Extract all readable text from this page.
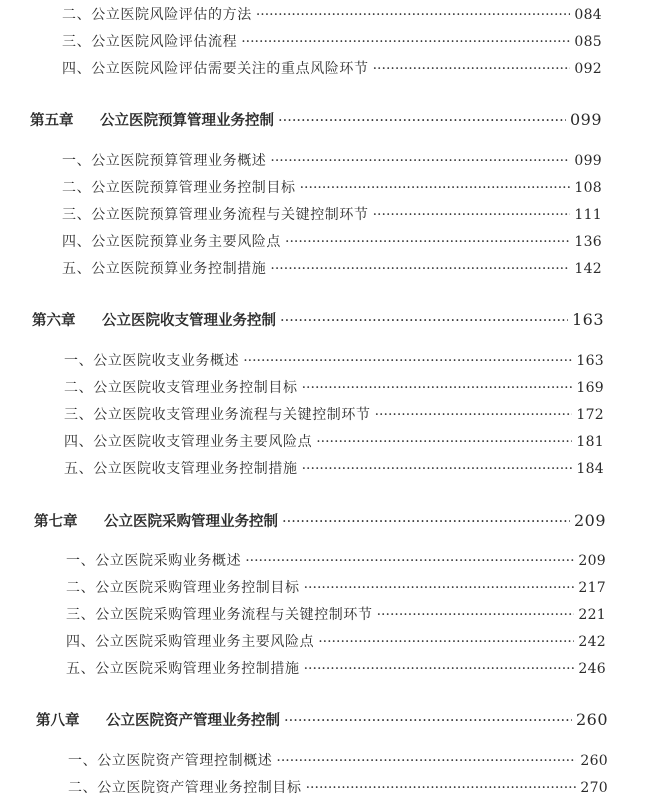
二、公立医院风险评估的方法 ·····	084
三、公立医院风险评估流程 ·····	085
四、公立医院风险评估需要关注的重点风险环节 ·····	092
第五章 公立医院预算管理业务控制 ·····	099
一、公立医院预算管理业务概述 ·····	099
二、公立医院预算管理业务控制目标 ·····	108
三、公立医院预算管理业务流程与关键控制环节 ·····	111
四、公立医院预算业务主要风险点 ·····	136
五、公立医院预算业务控制措施 ·····	142
第六章 公立医院收支管理业务控制 ·····	163
一、公立医院收支业务概述 ·····	163
二、公立医院收支管理业务控制目标 ·····	169
三、公立医院收支管理业务流程与关键控制环节 ·····	172
四、公立医院收支管理业务主要风险点 ·····	181
五、公立医院收支管理业务控制措施 ·····	184
第七章 公立医院采购管理业务控制 ·····	209
一、公立医院采购业务概述 ·····	209
二、公立医院采购管理业务控制目标 ·····	217
三、公立医院采购管理业务流程与关键控制环节 ·····	221
四、公立医院采购管理业务主要风险点 ·····	242
五、公立医院采购管理业务控制措施 ·····	246
第八章 公立医院资产管理业务控制 ·····	260
一、公立医院资产管理控制概述 ·····	260
二、公立医院资产管理业务控制目标 ·····	270
